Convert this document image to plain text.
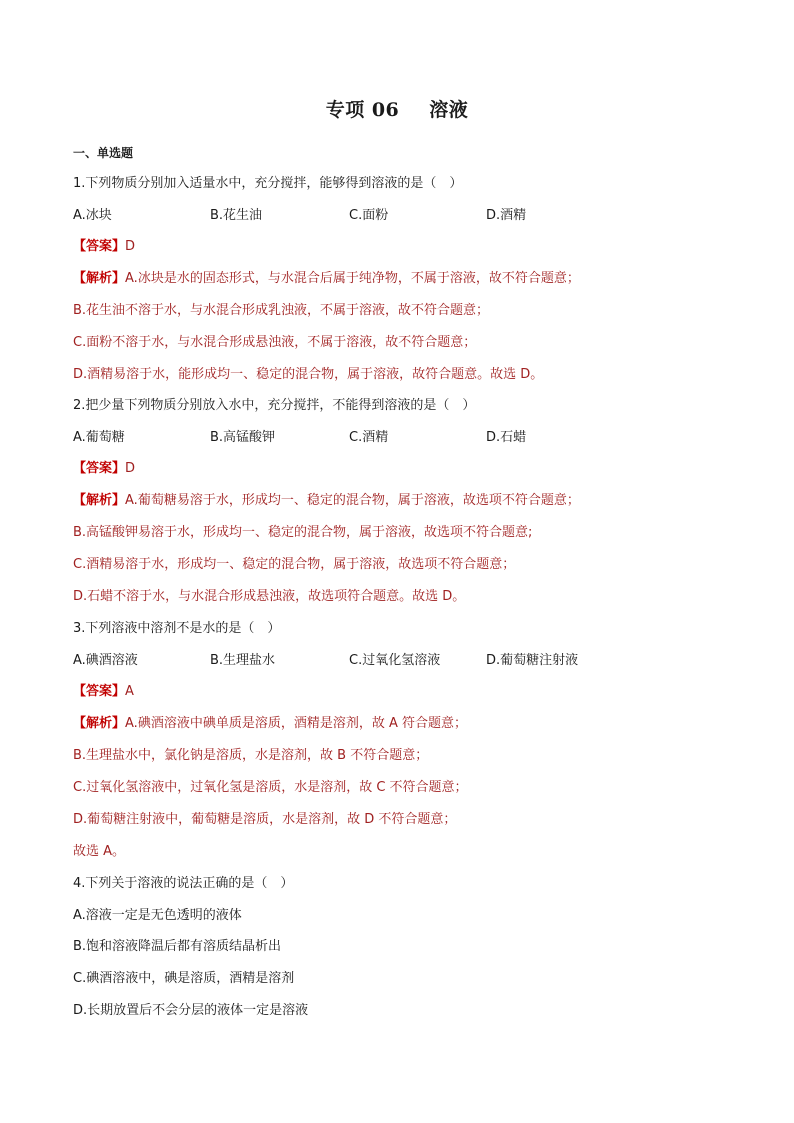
专项 06 溶液
一、单选题
1.下列物质分别加入适量水中，充分搅拌，能够得到溶液的是（　）
A.冰块	B.花生油	C.面粉	D.酒精
【答案】D
【解析】A.冰块是水的固态形式，与水混合后属于纯净物，不属于溶液，故不符合题意；
B.花生油不溶于水，与水混合形成乳浊液，不属于溶液，故不符合题意；
C.面粉不溶于水，与水混合形成悬浊液，不属于溶液，故不符合题意；
D.酒精易溶于水，能形成均一、稳定的混合物，属于溶液，故符合题意。故选 D。
2.把少量下列物质分别放入水中，充分搅拌，不能得到溶液的是（　）
A.葡萄糖	B.高锰酸钾	C.酒精	D.石蜡
【答案】D
【解析】A.葡萄糖易溶于水，形成均一、稳定的混合物，属于溶液，故选项不符合题意；
B.高锰酸钾易溶于水，形成均一、稳定的混合物，属于溶液，故选项不符合题意;
C.酒精易溶于水，形成均一、稳定的混合物，属于溶液，故选项不符合题意；
D.石蜡不溶于水，与水混合形成悬浊液，故选项符合题意。故选 D。
3.下列溶液中溶剂不是水的是（　）
A.碘酒溶液	B.生理盐水	C.过氧化氢溶液	D.葡萄糖注射液
【答案】A
【解析】A.碘酒溶液中碘单质是溶质，酒精是溶剂，故 A 符合题意；
B.生理盐水中，氯化钠是溶质，水是溶剂，故 B 不符合题意；
C.过氧化氢溶液中，过氧化氢是溶质，水是溶剂，故 C 不符合题意；
D.葡萄糖注射液中，葡萄糖是溶质，水是溶剂，故 D 不符合题意；
故选 A。
4.下列关于溶液的说法正确的是（　）
A.溶液一定是无色透明的液体
B.饱和溶液降温后都有溶质结晶析出
C.碘酒溶液中，碘是溶质，酒精是溶剂
D.长期放置后不会分层的液体一定是溶液
